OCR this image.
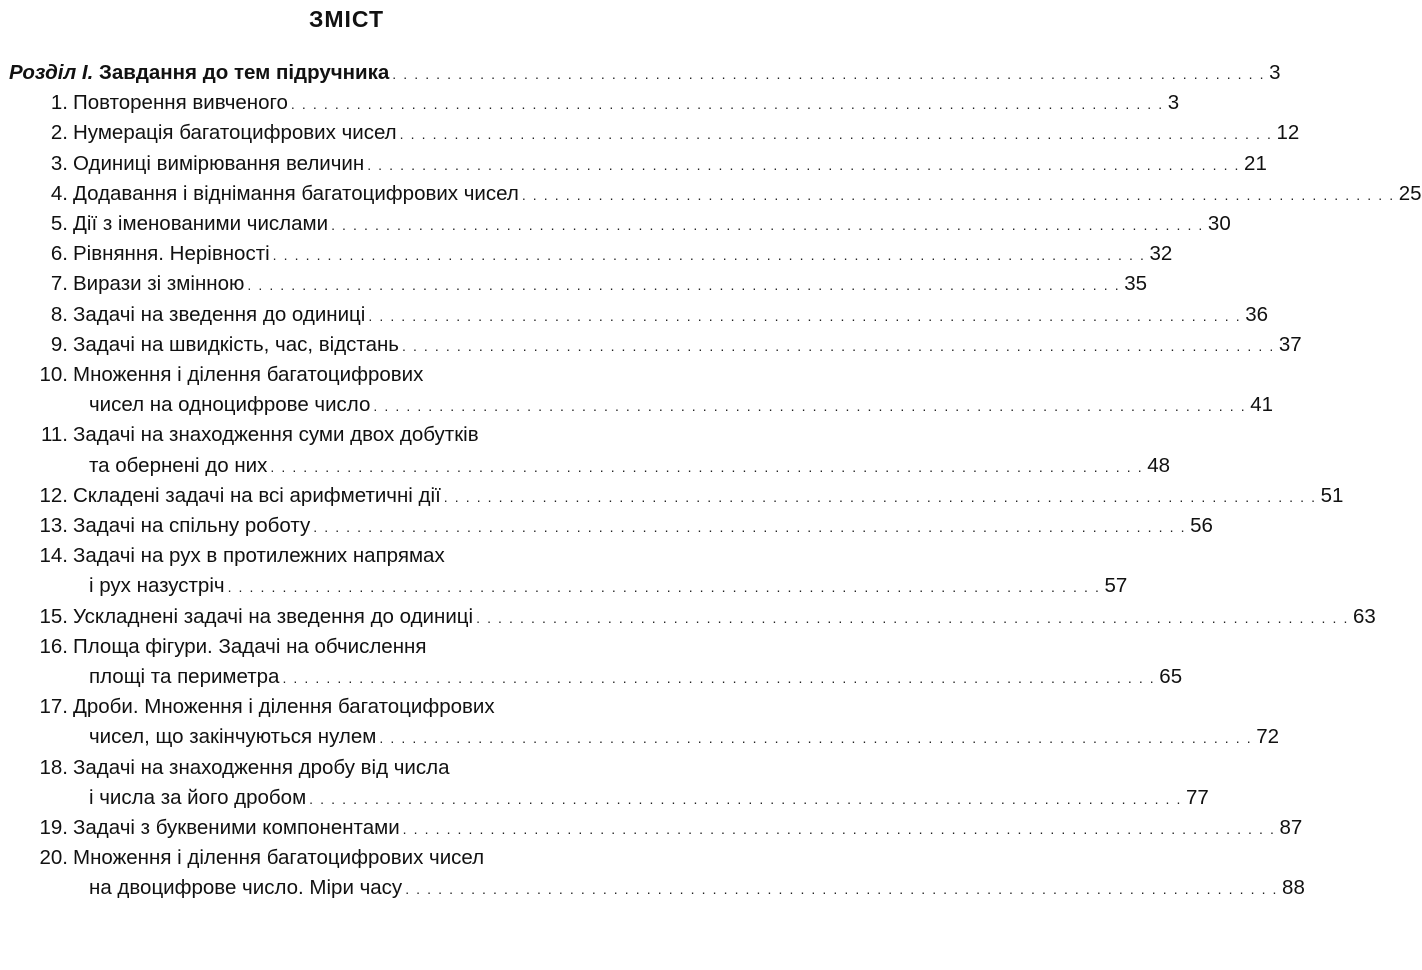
ЗМІСТ
Розділ I. Завдання до тем підручника . . . . . . . . . . . . . . . . . . . . . . . . . . . . . . . . . . . . . . . . . . . . . . . . . . . . . . . . . . . . . . . . . . . . . . . . . . . . . . . . 3
1. Повторення вивченого . . . . . . . . . . . . . . . . . . . . . . . . . . . . . . . . . . . . . . . . . . . . . . . . . . . . . . . . . . . . . . . . . . . . . . . . . . . . . . . . 3
2. Нумерація багатоцифрових чисел . . . . . . . . . . . . . . . . . . . . . . . . . . . . . . . . . . . . . . . . . . . . . . . . . . . . . . . . . . . . . . . . . . . . . . . . . . . . . . . . 12
3. Одиниці вимірювання величин . . . . . . . . . . . . . . . . . . . . . . . . . . . . . . . . . . . . . . . . . . . . . . . . . . . . . . . . . . . . . . . . . . . . . . . . . . . . . . . . 21
4. Додавання і віднімання багатоцифрових чисел . . . . . . . . . . . . . . . . . . . . . . . . . . . . . . . . . . . . . . . . . . . . . . . . . . . . . . . . . . . . . . . . . . . . . . . . . . . . . . . . 25
5. Дії з іменованими числами . . . . . . . . . . . . . . . . . . . . . . . . . . . . . . . . . . . . . . . . . . . . . . . . . . . . . . . . . . . . . . . . . . . . . . . . . . . . . . . . 30
6. Рівняння. Нерівності . . . . . . . . . . . . . . . . . . . . . . . . . . . . . . . . . . . . . . . . . . . . . . . . . . . . . . . . . . . . . . . . . . . . . . . . . . . . . . . . 32
7. Вирази зі змінною . . . . . . . . . . . . . . . . . . . . . . . . . . . . . . . . . . . . . . . . . . . . . . . . . . . . . . . . . . . . . . . . . . . . . . . . . . . . . . . . 35
8. Задачі на зведення до одиниці . . . . . . . . . . . . . . . . . . . . . . . . . . . . . . . . . . . . . . . . . . . . . . . . . . . . . . . . . . . . . . . . . . . . . . . . . . . . . . . . 36
9. Задачі на швидкість, час, відстань . . . . . . . . . . . . . . . . . . . . . . . . . . . . . . . . . . . . . . . . . . . . . . . . . . . . . . . . . . . . . . . . . . . . . . . . . . . . . . . . 37
10. Множення і ділення багатоцифрових
чисел на одноцифрове число . . . . . . . . . . . . . . . . . . . . . . . . . . . . . . . . . . . . . . . . . . . . . . . . . . . . . . . . . . . . . . . . . . . . . . . . . . . . . . . . 41
11. Задачі на знаходження суми двох добутків
та обернені до них . . . . . . . . . . . . . . . . . . . . . . . . . . . . . . . . . . . . . . . . . . . . . . . . . . . . . . . . . . . . . . . . . . . . . . . . . . . . . . . . 48
12. Складені задачі на всі арифметичні дії . . . . . . . . . . . . . . . . . . . . . . . . . . . . . . . . . . . . . . . . . . . . . . . . . . . . . . . . . . . . . . . . . . . . . . . . . . . . . . . . 51
13. Задачі на спільну роботу . . . . . . . . . . . . . . . . . . . . . . . . . . . . . . . . . . . . . . . . . . . . . . . . . . . . . . . . . . . . . . . . . . . . . . . . . . . . . . . . 56
14. Задачі на рух в протилежних напрямах
і рух назустріч . . . . . . . . . . . . . . . . . . . . . . . . . . . . . . . . . . . . . . . . . . . . . . . . . . . . . . . . . . . . . . . . . . . . . . . . . . . . . . . . 57
15. Ускладнені задачі на зведення до одиниці . . . . . . . . . . . . . . . . . . . . . . . . . . . . . . . . . . . . . . . . . . . . . . . . . . . . . . . . . . . . . . . . . . . . . . . . . . . . . . . . 63
16. Площа фігури. Задачі на обчислення
площі та периметра . . . . . . . . . . . . . . . . . . . . . . . . . . . . . . . . . . . . . . . . . . . . . . . . . . . . . . . . . . . . . . . . . . . . . . . . . . . . . . . . 65
17. Дроби. Множення і ділення багатоцифрових
чисел, що закінчуються нулем . . . . . . . . . . . . . . . . . . . . . . . . . . . . . . . . . . . . . . . . . . . . . . . . . . . . . . . . . . . . . . . . . . . . . . . . . . . . . . . . 72
18. Задачі на знаходження дробу від числа
і числа за його дробом . . . . . . . . . . . . . . . . . . . . . . . . . . . . . . . . . . . . . . . . . . . . . . . . . . . . . . . . . . . . . . . . . . . . . . . . . . . . . . . . 77
19. Задачі з буквеними компонентами . . . . . . . . . . . . . . . . . . . . . . . . . . . . . . . . . . . . . . . . . . . . . . . . . . . . . . . . . . . . . . . . . . . . . . . . . . . . . . . . 87
20. Множення і ділення багатоцифрових чисел
на двоцифрове число. Міри часу . . . . . . . . . . . . . . . . . . . . . . . . . . . . . . . . . . . . . . . . . . . . . . . . . . . . . . . . . . . . . . . . . . . . . . . . . . . . . . . . 88
